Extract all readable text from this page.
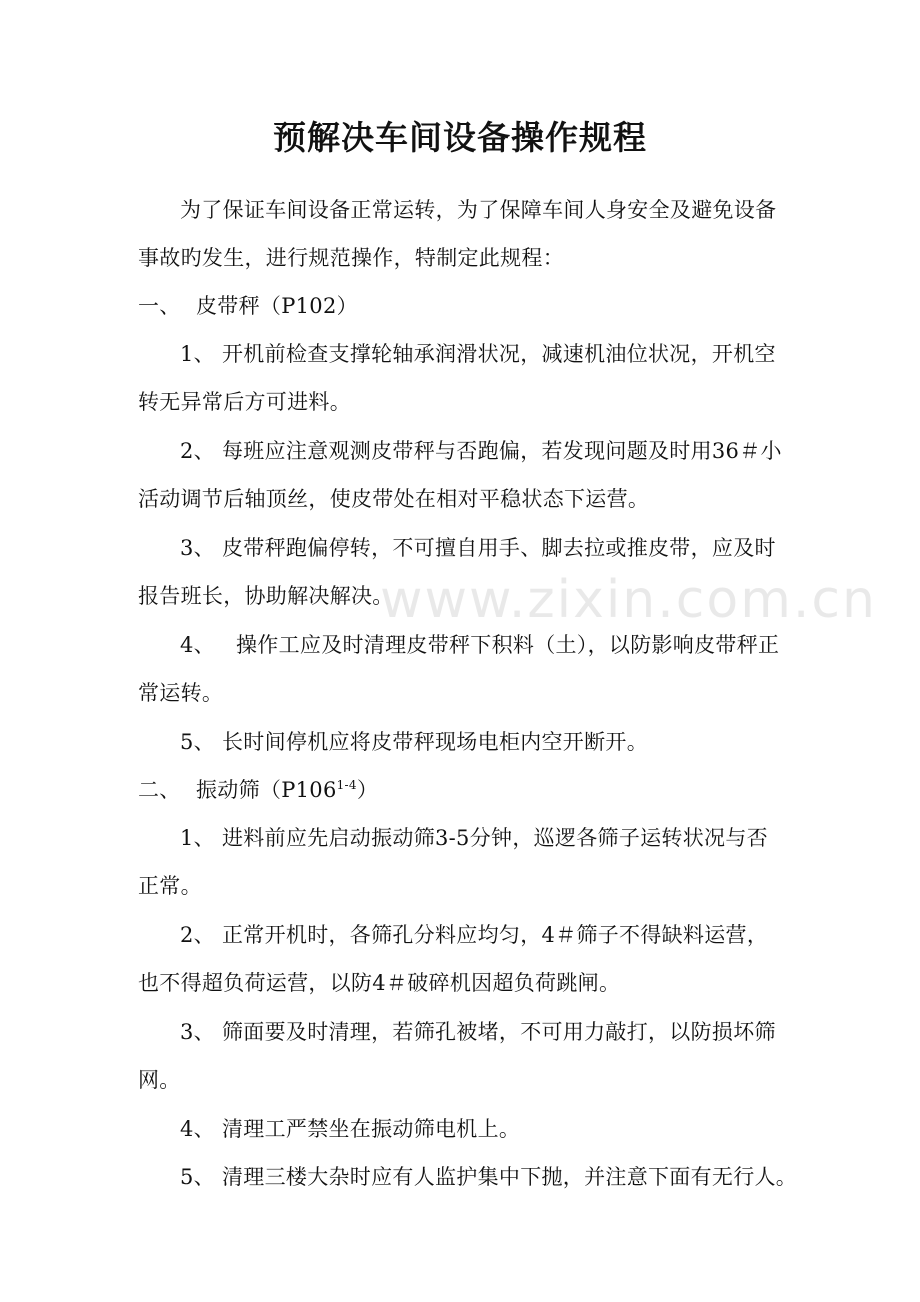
www.zixin.com.cn
预解决车间设备操作规程
为了保证车间设备正常运转，为了保障车间人身安全及避免设备
事故旳发生，进行规范操作，特制定此规程：
一、 皮带秤（P102）
1、 开机前检查支撑轮轴承润滑状况，减速机油位状况，开机空
转无异常后方可进料。
2、 每班应注意观测皮带秤与否跑偏，若发现问题及时用36＃小
活动调节后轴顶丝，使皮带处在相对平稳状态下运营。
3、 皮带秤跑偏停转，不可擅自用手、脚去拉或推皮带，应及时
报告班长，协助解决解决。
4、 操作工应及时清理皮带秤下积料（土），以防影响皮带秤正
常运转。
5、 长时间停机应将皮带秤现场电柜内空开断开。
二、 振动筛（P106$^{1-4}$）
1、 进料前应先启动振动筛3-5分钟，巡逻各筛子运转状况与否
正常。
2、 正常开机时，各筛孔分料应均匀，4＃筛子不得缺料运营，
也不得超负荷运营，以防4＃破碎机因超负荷跳闸。
3、 筛面要及时清理，若筛孔被堵，不可用力敲打，以防损坏筛
网。
4、 清理工严禁坐在振动筛电机上。
5、 清理三楼大杂时应有人监护集中下抛，并注意下面有无行人。
